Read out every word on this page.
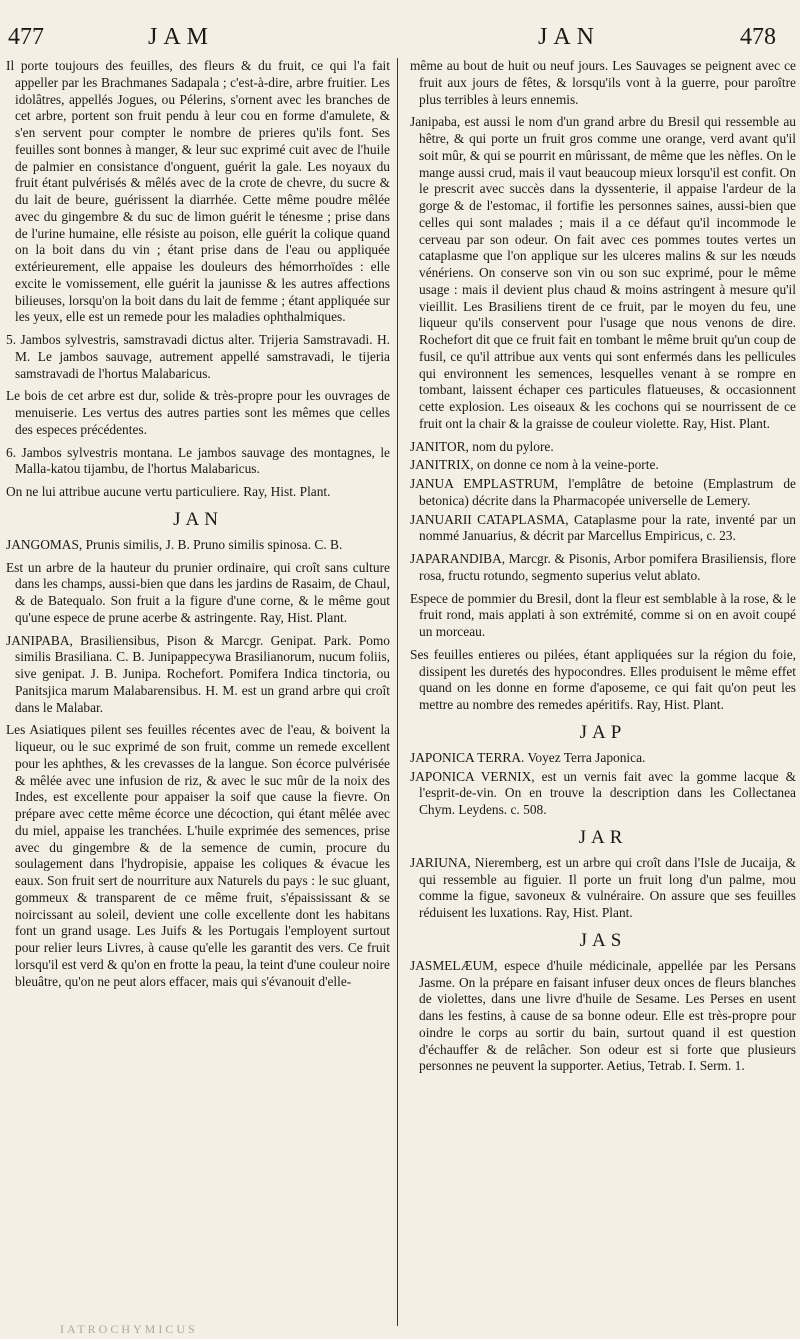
477	JAM	JAN	478

Il porte toujours des feuilles, des fleurs & du fruit, ce qui l'a fait appeller par les Brachmanes Sadapala ; c'est-à-dire, arbre fruitier. Les idolâtres, appellés Jogues, ou Pélerins, s'ornent avec les branches de cet arbre, portent son fruit pendu à leur cou en forme d'amulete, & s'en servent pour compter le nombre de prieres qu'ils font. Ses feuilles sont bonnes à manger, & leur suc exprimé cuit avec de l'huile de palmier en consistance d'onguent, guérit la gale. Les noyaux du fruit étant pulvérisés & mêlés avec de la crote de chevre, du sucre & du lait de beure, guérissent la diarrhée. Cette même poudre mêlée avec du gingembre & du suc de limon guérit le ténesme ; prise dans de l'urine humaine, elle résiste au poison, elle guérit la colique quand on la boit dans du vin ; étant prise dans de l'eau ou appliquée extérieurement, elle appaise les douleurs des hémorrhoïdes : elle excite le vomissement, elle guérit la jaunisse & les autres affections bilieuses, lorsqu'on la boit dans du lait de femme ; étant appliquée sur les yeux, elle est un remede pour les maladies ophthalmiques.

5. Jambos sylvestris, samstravadi dictus alter. Trijeria Samstravadi. H. M. Le jambos sauvage, autrement appellé samstravadi, le tijeria samstravadi de l'hortus Malabaricus.

Le bois de cet arbre est dur, solide & très-propre pour les ouvrages de menuiserie. Les vertus des autres parties sont les mêmes que celles des especes précédentes.

6. Jambos sylvestris montana. Le jambos sauvage des montagnes, le Malla-katou tijambu, de l'hortus Malabaricus.

On ne lui attribue aucune vertu particuliere. Ray, Hist. Plant.

JAN

JANGOMAS, Prunis similis, J. B. Pruno similis spinosa. C. B.

Est un arbre de la hauteur du prunier ordinaire, qui croît sans culture dans les champs, aussi-bien que dans les jardins de Rasaim, de Chaul, & de Batequalo. Son fruit a la figure d'une corne, & le même gout qu'une espece de prune acerbe & astringente. Ray, Hist. Plant.

JANIPABA, Brasiliensibus, Pison & Marcgr. Genipat. Park. Pomo similis Brasiliana. C. B. Junipappecywa Brasilianorum, nucum foliis, sive genipat. J. B. Junipa. Rochefort. Pomifera Indica tinctoria, ou Panitsjica marum Malabarensibus. H. M. est un grand arbre qui croît dans le Malabar.

Les Asiatiques pilent ses feuilles récentes avec de l'eau, & boivent la liqueur, ou le suc exprimé de son fruit, comme un remede excellent pour les aphthes, & les crevasses de la langue. Son écorce pulvérisée & mêlée avec une infusion de riz, & avec le suc mûr de la noix des Indes, est excellente pour appaiser la soif que cause la fievre. On prépare avec cette même écorce une décoction, qui étant mêlée avec du miel, appaise les tranchées. L'huile exprimée des semences, prise avec du gingembre & de la semence de cumin, procure du soulagement dans l'hydropisie, appaise les coliques & évacue les eaux. Son fruit sert de nourriture aux Naturels du pays : le suc gluant, gommeux & transparent de ce même fruit, s'épaississant & se noircissant au soleil, devient une colle excellente dont les habitans font un grand usage. Les Juifs & les Portugais l'employent surtout pour relier leurs Livres, à cause qu'elle les garantit des vers. Ce fruit lorsqu'il est verd & qu'on en frotte la peau, la teint d'une couleur noire bleuâtre, qu'on ne peut alors effacer, mais qui s'évanouit d'elle-

même au bout de huit ou neuf jours. Les Sauvages se peignent avec ce fruit aux jours de fêtes, & lorsqu'ils vont à la guerre, pour paroître plus terribles à leurs ennemis.

Janipaba, est aussi le nom d'un grand arbre du Bresil qui ressemble au hêtre, & qui porte un fruit gros comme une orange, verd avant qu'il soit mûr, & qui se pourrit en mûrissant, de même que les nèfles. On le mange aussi crud, mais il vaut beaucoup mieux lorsqu'il est confit. On le prescrit avec succès dans la dyssenterie, il appaise l'ardeur de la gorge & de l'estomac, il fortifie les personnes saines, aussi-bien que celles qui sont malades ; mais il a ce défaut qu'il incommode le cerveau par son odeur. On fait avec ces pommes toutes vertes un cataplasme que l'on applique sur les ulceres malins & sur les nœuds vénériens. On conserve son vin ou son suc exprimé, pour le même usage : mais il devient plus chaud & moins astringent à mesure qu'il vieillit. Les Brasiliens tirent de ce fruit, par le moyen du feu, une liqueur qu'ils conservent pour l'usage que nous venons de dire. Rochefort dit que ce fruit fait en tombant le même bruit qu'un coup de fusil, ce qu'il attribue aux vents qui sont enfermés dans les pellicules qui environnent les semences, lesquelles venant à se rompre en tombant, laissent échaper ces particules flatueuses, & occasionnent cette explosion. Les oiseaux & les cochons qui se nourrissent de ce fruit ont la chair & la graisse de couleur violette. Ray, Hist. Plant.

JANITOR, nom du pylore.

JANITRIX, on donne ce nom à la veine-porte.

JANUA EMPLASTRUM, l'emplâtre de betoine (Emplastrum de betonica) décrite dans la Pharmacopée universelle de Lemery.

JANUARII CATAPLASMA, Cataplasme pour la rate, inventé par un nommé Januarius, & décrit par Marcellus Empiricus, c. 23.

JAPARANDIBA, Marcgr. & Pisonis, Arbor pomifera Brasiliensis, flore rosa, fructu rotundo, segmento superius velut ablato.

Espece de pommier du Bresil, dont la fleur est semblable à la rose, & le fruit rond, mais applati à son extrémité, comme si on en avoit coupé un morceau.

Ses feuilles entieres ou pilées, étant appliquées sur la région du foie, dissipent les duretés des hypocondres. Elles produisent le même effet quand on les donne en forme d'aposeme, ce qui fait qu'on peut les mettre au nombre des remedes apéritifs. Ray, Hist. Plant.

JAP

JAPONICA TERRA. Voyez Terra Japonica.

JAPONICA VERNIX, est un vernis fait avec la gomme lacque & l'esprit-de-vin. On en trouve la description dans les Collectanea Chym. Leydens. c. 508.

JAR

JARIUNA, Nieremberg, est un arbre qui croît dans l'Isle de Jucaija, & qui ressemble au figuier. Il porte un fruit long d'un palme, mou comme la figue, savoneux & vulnéraire. On assure que ses feuilles réduisent les luxations. Ray, Hist. Plant.

JAS

JASMELÆUM, espece d'huile médicinale, appellée par les Persans Jasme. On la prépare en faisant infuser deux onces de fleurs blanches de violettes, dans une livre d'huile de Sesame. Les Perses en usent dans les festins, à cause de sa bonne odeur. Elle est très-propre pour oindre le corps au sortir du bain, surtout quand il est question d'échauffer & de relâcher. Son odeur est si forte que plusieurs personnes ne peuvent la supporter. Aetius, Tetrab. I. Serm. 1.

IATROCHYMICUS
